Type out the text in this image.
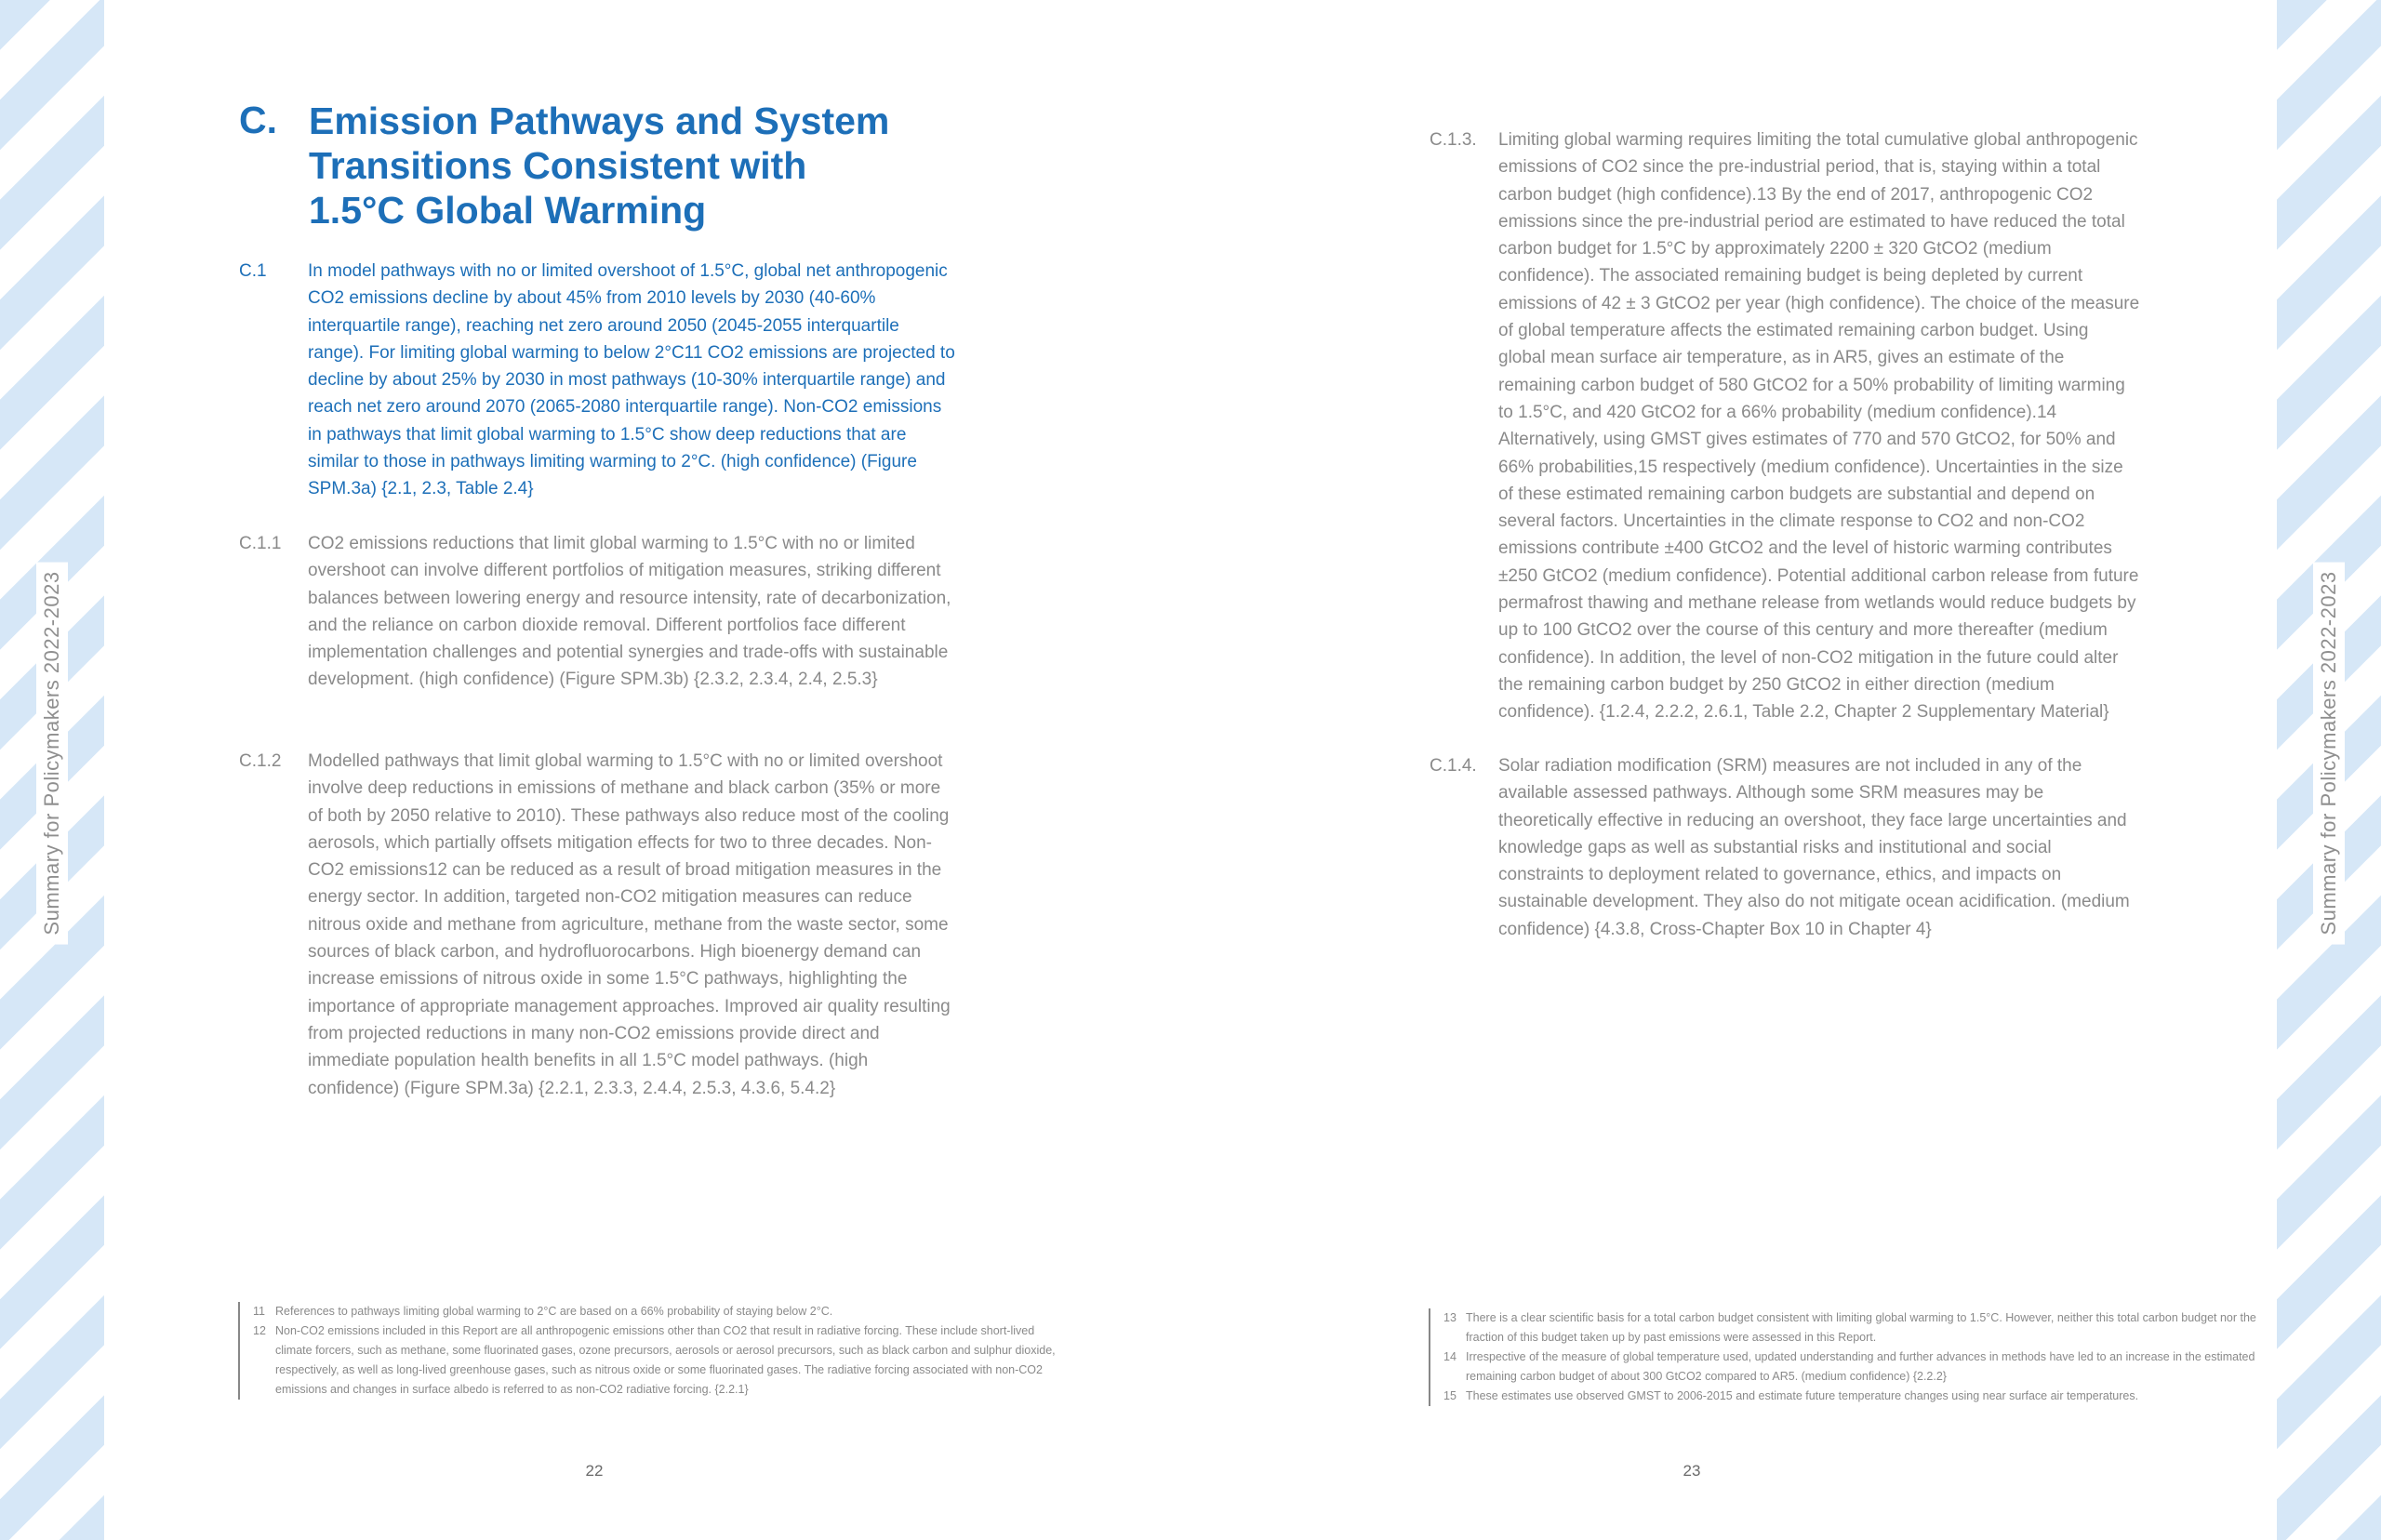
Summary for Policymakers 2022-2023	Summary for Policymakers 2022-2023
C. Emission Pathways and System Transitions Consistent with 1.5°C Global Warming
C.1 In model pathways with no or limited overshoot of 1.5°C, global net anthropogenic CO2 emissions decline by about 45% from 2010 levels by 2030 (40-60% interquartile range), reaching net zero around 2050 (2045-2055 interquartile range). For limiting global warming to below 2°C11 CO2 emissions are projected to decline by about 25% by 2030 in most pathways (10-30% interquartile range) and reach net zero around 2070 (2065-2080 interquartile range). Non-CO2 emissions in pathways that limit global warming to 1.5°C show deep reductions that are similar to those in pathways limiting warming to 2°C. (high confidence) (Figure SPM.3a) {2.1, 2.3, Table 2.4}
C.1.1 CO2 emissions reductions that limit global warming to 1.5°C with no or limited overshoot can involve different portfolios of mitigation measures, striking different balances between lowering energy and resource intensity, rate of decarbonization, and the reliance on carbon dioxide removal. Different portfolios face different implementation challenges and potential synergies and trade-offs with sustainable development. (high confidence) (Figure SPM.3b) {2.3.2, 2.3.4, 2.4, 2.5.3}
C.1.2 Modelled pathways that limit global warming to 1.5°C with no or limited overshoot involve deep reductions in emissions of methane and black carbon (35% or more of both by 2050 relative to 2010). These pathways also reduce most of the cooling aerosols, which partially offsets mitigation effects for two to three decades. Non-CO2 emissions12 can be reduced as a result of broad mitigation measures in the energy sector. In addition, targeted non-CO2 mitigation measures can reduce nitrous oxide and methane from agriculture, methane from the waste sector, some sources of black carbon, and hydrofluorocarbons. High bioenergy demand can increase emissions of nitrous oxide in some 1.5°C pathways, highlighting the importance of appropriate management approaches. Improved air quality resulting from projected reductions in many non-CO2 emissions provide direct and immediate population health benefits in all 1.5°C model pathways. (high confidence) (Figure SPM.3a) {2.2.1, 2.3.3, 2.4.4, 2.5.3, 4.3.6, 5.4.2}
11 References to pathways limiting global warming to 2°C are based on a 66% probability of staying below 2°C.
12 Non-CO2 emissions included in this Report are all anthropogenic emissions other than CO2 that result in radiative forcing. These include short-lived climate forcers, such as methane, some fluorinated gases, ozone precursors, aerosols or aerosol precursors, such as black carbon and sulphur dioxide, respectively, as well as long-lived greenhouse gases, such as nitrous oxide or some fluorinated gases. The radiative forcing associated with non-CO2 emissions and changes in surface albedo is referred to as non-CO2 radiative forcing. {2.2.1}
22
C.1.3. Limiting global warming requires limiting the total cumulative global anthropogenic emissions of CO2 since the pre-industrial period, that is, staying within a total carbon budget (high confidence).13 By the end of 2017, anthropogenic CO2 emissions since the pre-industrial period are estimated to have reduced the total carbon budget for 1.5°C by approximately 2200 ± 320 GtCO2 (medium confidence). The associated remaining budget is being depleted by current emissions of 42 ± 3 GtCO2 per year (high confidence). The choice of the measure of global temperature affects the estimated remaining carbon budget. Using global mean surface air temperature, as in AR5, gives an estimate of the remaining carbon budget of 580 GtCO2 for a 50% probability of limiting warming to 1.5°C, and 420 GtCO2 for a 66% probability (medium confidence).14 Alternatively, using GMST gives estimates of 770 and 570 GtCO2, for 50% and 66% probabilities,15 respectively (medium confidence). Uncertainties in the size of these estimated remaining carbon budgets are substantial and depend on several factors. Uncertainties in the climate response to CO2 and non-CO2 emissions contribute ±400 GtCO2 and the level of historic warming contributes ±250 GtCO2 (medium confidence). Potential additional carbon release from future permafrost thawing and methane release from wetlands would reduce budgets by up to 100 GtCO2 over the course of this century and more thereafter (medium confidence). In addition, the level of non-CO2 mitigation in the future could alter the remaining carbon budget by 250 GtCO2 in either direction (medium confidence). {1.2.4, 2.2.2, 2.6.1, Table 2.2, Chapter 2 Supplementary Material}
C.1.4. Solar radiation modification (SRM) measures are not included in any of the available assessed pathways. Although some SRM measures may be theoretically effective in reducing an overshoot, they face large uncertainties and knowledge gaps as well as substantial risks and institutional and social constraints to deployment related to governance, ethics, and impacts on sustainable development. They also do not mitigate ocean acidification. (medium confidence) {4.3.8, Cross-Chapter Box 10 in Chapter 4}
13 There is a clear scientific basis for a total carbon budget consistent with limiting global warming to 1.5°C. However, neither this total carbon budget nor the fraction of this budget taken up by past emissions were assessed in this Report.
14 Irrespective of the measure of global temperature used, updated understanding and further advances in methods have led to an increase in the estimated remaining carbon budget of about 300 GtCO2 compared to AR5. (medium confidence) {2.2.2}
15 These estimates use observed GMST to 2006-2015 and estimate future temperature changes using near surface air temperatures.
23
